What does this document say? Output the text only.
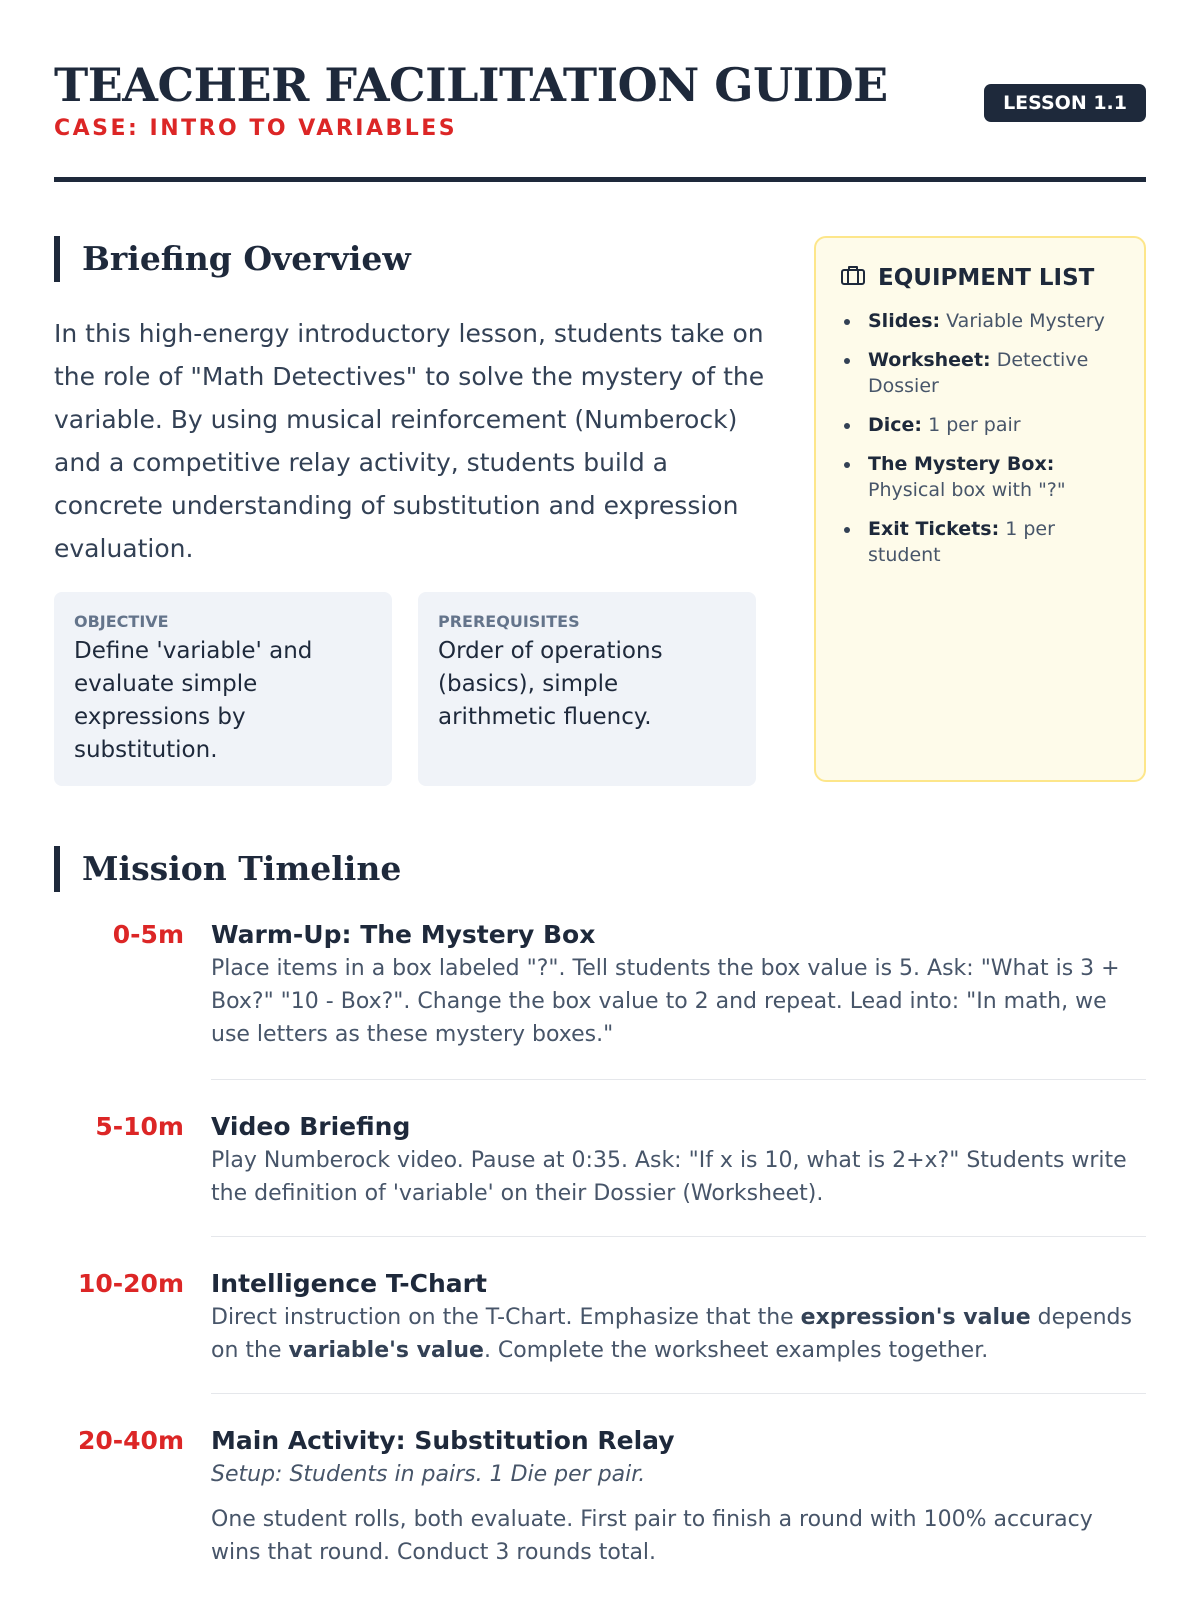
TEACHER FACILITATION GUIDE
CASE: INTRO TO VARIABLES
LESSON 1.1
Briefing Overview

In this high-energy introductory lesson, students take on the role of "Math Detectives" to solve the mystery of the variable. By using musical reinforcement (Numberock) and a competitive relay activity, students build a concrete understanding of substitution and expression evaluation.

OBJECTIVE
Define 'variable' and evaluate simple expressions by substitution.
PREREQUISITES
Order of operations (basics), simple arithmetic fluency.
EQUIPMENT LIST
Slides: Variable Mystery
Worksheet: Detective Dossier
Dice: 1 per pair
The Mystery Box:
Physical box with "?"
Exit Tickets: 1 per student
Mission Timeline
0-5m Warm-Up: The Mystery Box
Place items in a box labeled "?". Tell students the box value is 5. Ask: "What is 3 + Box?" "10 - Box?". Change the box value to 2 and repeat. Lead into: "In math, we use letters as these mystery boxes."
5-10m Video Briefing
Play Numberock video. Pause at 0:35. Ask: "If x is 10, what is 2+x?" Students write the definition of 'variable' on their Dossier (Worksheet).
10-20m Intelligence T-Chart
Direct instruction on the T-Chart. Emphasize that the expression's value depends on the variable's value. Complete the worksheet examples together.
20-40m Main Activity: Substitution Relay
Setup: Students in pairs. 1 Die per pair.
One student rolls, both evaluate. First pair to finish a round with 100% accuracy wins that round. Conduct 3 rounds total.
